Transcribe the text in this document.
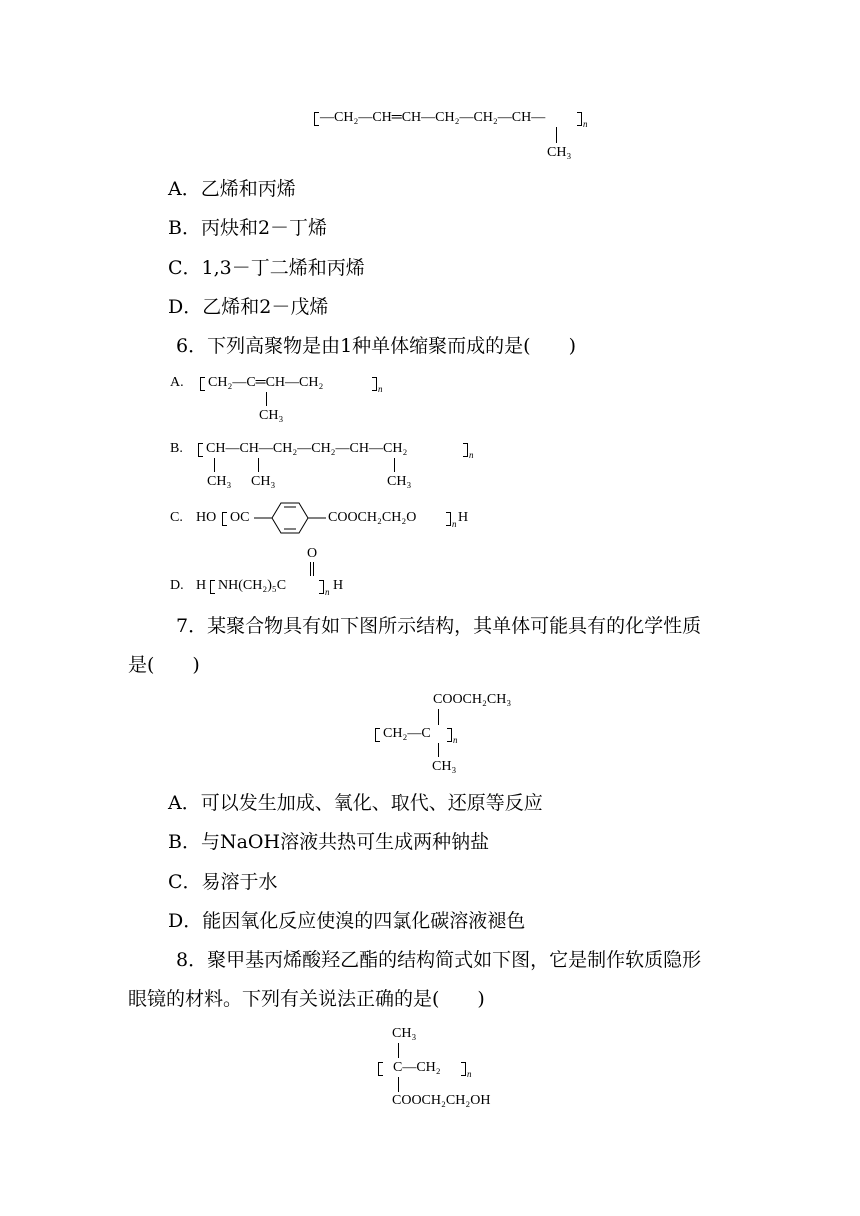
—CH₂—CH═CH—CH₂—CH₂—CH—	n
CH₃
A．乙烯和丙烯
B．丙炔和2－丁烯
C．1,3－丁二烯和丙烯
D．乙烯和2－戊烯
6．下列高聚物是由1种单体缩聚而成的是(　　)
A. CH₂—C═CH—CH₂	n
CH₃
B. CH—CH—CH₂—CH₂—CH—CH₂	n
CH₃ CH₃	CH₃
C. HO OC	COOCH₂CH₂O	n H
O
D. H NH(CH₂)₅C	n H
7．某聚合物具有如下图所示结构，其单体可能具有的化学性质
是(　　)
COOCH₂CH₃
CH₂—C n
CH₃
A．可以发生加成、氧化、取代、还原等反应
B．与NaOH溶液共热可生成两种钠盐
C．易溶于水
D．能因氧化反应使溴的四氯化碳溶液褪色
8．聚甲基丙烯酸羟乙酯的结构简式如下图，它是制作软质隐形
眼镜的材料。下列有关说法正确的是(　　)
CH₃
C—CH₂	n
COOCH₂CH₂OH
